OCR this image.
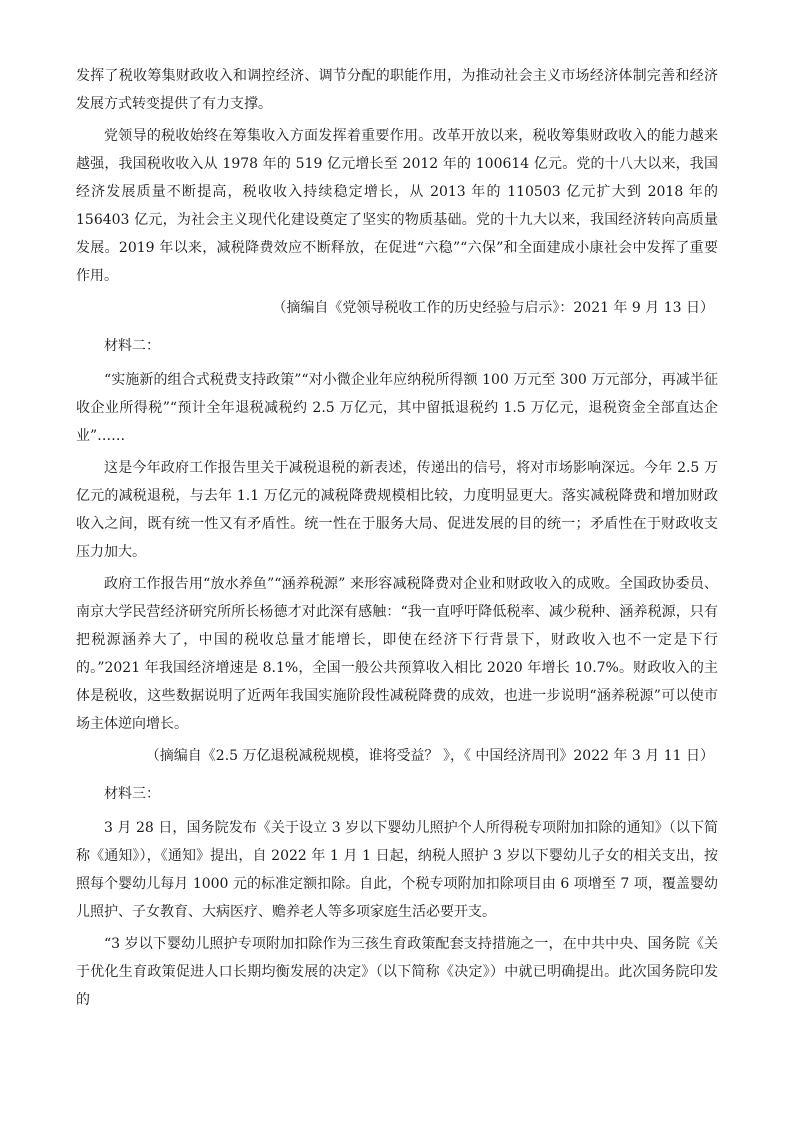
发挥了税收筹集财政收入和调控经济、调节分配的职能作用，为推动社会主义市场经济体制完善和经济发展方式转变提供了有力支撑。

党领导的税收始终在筹集收入方面发挥着重要作用。改革开放以来，税收筹集财政收入的能力越来越强，我国税收收入从 1978 年的 519 亿元增长至 2012 年的 100614 亿元。党的十八大以来，我国经济发展质量不断提高，税收收入持续稳定增长，从 2013 年的 110503 亿元扩大到 2018 年的 156403 亿元，为社会主义现代化建设奠定了坚实的物质基础。党的十九大以来，我国经济转向高质量发展。2019 年以来，减税降费效应不断释放，在促进“六稳”“六保”和全面建成小康社会中发挥了重要作用。

（摘编自《党领导税收工作的历史经验与启示》：2021 年 9 月 13 日）

材料二：

“实施新的组合式税费支持政策”“对小微企业年应纳税所得额 100 万元至 300 万元部分，再减半征收企业所得税”“预计全年退税减税约 2.5 万亿元，其中留抵退税约 1.5 万亿元，退税资金全部直达企业”……

这是今年政府工作报告里关于减税退税的新表述，传递出的信号，将对市场影响深远。今年 2.5 万亿元的减税退税，与去年 1.1 万亿元的减税降费规模相比较，力度明显更大。落实减税降费和增加财政收入之间，既有统一性又有矛盾性。统一性在于服务大局、促进发展的目的统一；矛盾性在于财政收支压力加大。

政府工作报告用“放水养鱼”“涵养税源” 来形容减税降费对企业和财政收入的成败。全国政协委员、南京大学民营经济研究所所长杨德才对此深有感触：“我一直呼吁降低税率、减少税种、涵养税源，只有把税源涵养大了，中国的税收总量才能增长，即使在经济下行背景下，财政收入也不一定是下行的。”2021 年我国经济增速是 8.1%，全国一般公共预算收入相比 2020 年增长 10.7%。财政收入的主体是税收，这些数据说明了近两年我国实施阶段性减税降费的成效，也进一步说明“涵养税源”可以使市场主体逆向增长。

（摘编自《2.5 万亿退税减税规模，谁将受益？ 》，《 中国经济周刊》2022 年 3 月 11 日）

材料三：

3 月 28 日，国务院发布《关于设立 3 岁以下婴幼儿照护个人所得税专项附加扣除的通知》（以下简称《通知》），《通知》提出，自 2022 年 1 月 1 日起，纳税人照护 3 岁以下婴幼儿子女的相关支出，按照每个婴幼儿每月 1000 元的标准定额扣除。自此，个税专项附加扣除项目由 6 项增至 7 项，覆盖婴幼儿照护、子女教育、大病医疗、赡养老人等多项家庭生活必要开支。

“3 岁以下婴幼儿照护专项附加扣除作为三孩生育政策配套支持措施之一，在中共中央、国务院《关于优化生育政策促进人口长期均衡发展的决定》（以下简称《决定》）中就已明确提出。此次国务院印发的
